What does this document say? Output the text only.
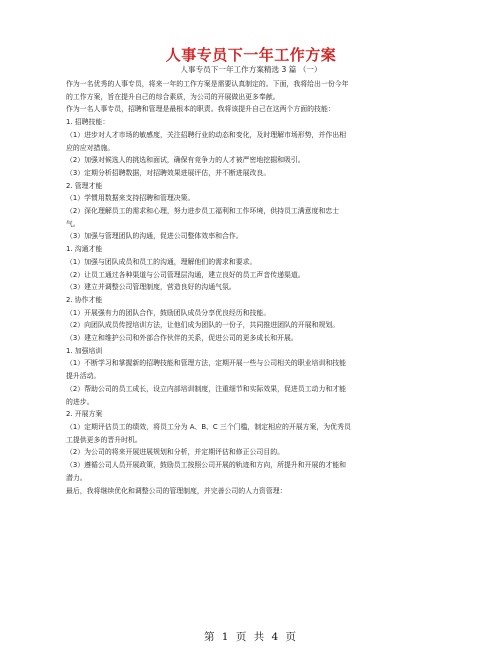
人事专员下一年工作方案
人事专员下一年工作方案精选 3 篇 （一）
作为一名优秀的人事专员，将来一年的工作方案是需要认真制定的。下面，我将给出一份今年
的工作方案，旨在提升自己的综合素质，为公司的开展做出更多奉献。
作为一名人事专员，招聘和管理是最根本的职责。我将该提升自己在这两个方面的技能：
1. 招聘技能：
（1）进步对人才市场的敏感度，关注招聘行业的动态和变化，及时理解市场形势，并作出相
应的应对措施。
（2）加强对候选人的挑选和面试，确保有竞争力的人才被严密地挖掘和吸引。
（3）定期分析招聘数据，对招聘效果进展评估，并不断进展改良。
2. 管理才能
（1）学惯用数据来支持招聘和管理决策。
（2）深化理解员工的需求和心理，努力进步员工福利和工作环境，供持员工满意度和忠士
气。
（3）加强与管理团队的沟通，促进公司整体效率和合作。
1. 沟通才能
（1）加强与团队成员和员工的沟通，理解他们的需求和要求。
（2）让员工通过各种渠道与公司管理层沟通，建立良好的员工声音传递渠道。
（3）建立并调整公司管理制度，营造良好的沟通气氛。
2. 协作才能
（1）开展强有力的团队合作，鼓励团队成员分享优良经历和技能。
（2）向团队成员传授培训方法，让他们成为团队的一份子，共同推进团队的开展和规划。
（3）建立和维护公司和外部合作伙伴的关系，促进公司的更多成长和开展。
1. 加强培训
（1）不断学习和掌握新的招聘技能和管理方法，定期开展一些与公司相关的职业培训和技能
提升活动。
（2）帮助公司的员工成长，设立内部培训制度，注重细节和实际效果，促进员工动力和才能
的进步。
2. 开展方案
（1）定期评估员工的绩效，将员工分为 A、B、C 三个门槛，制定相应的开展方案，为优秀员
工提供更多的晋升时机。
（2）为公司的将来开展进展规划和分析，并定期评估和修正公司目的。
（3）遵循公司人员开展政策，鼓励员工按照公司开展的轨迹和方向，所提升和开展的才能和
潜力。
最后，我将继续优化和调整公司的管理制度，并完善公司的人力资管理：
第 1 页 共 4 页
